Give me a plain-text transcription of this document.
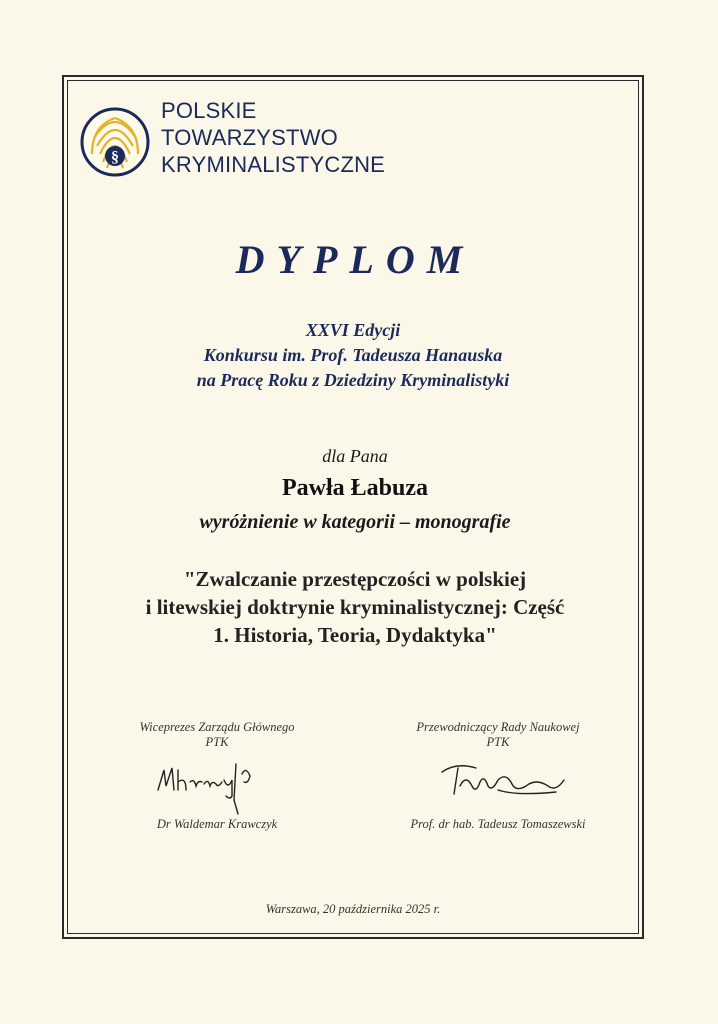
§
POLSKIE
TOWARZYSTWO
KRYMINALISTYCZNE
DYPLOM
XXVI Edycji
Konkursu im. Prof. Tadeusza Hanauska
na Pracę Roku z Dziedziny Kryminalistyki
dla Pana
Pawła Łabuza
wyróżnienie w kategorii – monografie
"Zwalczanie przestępczości w polskiej
i litewskiej doktrynie kryminalistycznej: Część
1. Historia, Teoria, Dydaktyka"
Wiceprezes Zarządu Głównego
PTK
Dr Waldemar Krawczyk
Przewodniczący Rady Naukowej
PTK
Prof. dr hab. Tadeusz Tomaszewski
Warszawa, 20 października 2025 r.
